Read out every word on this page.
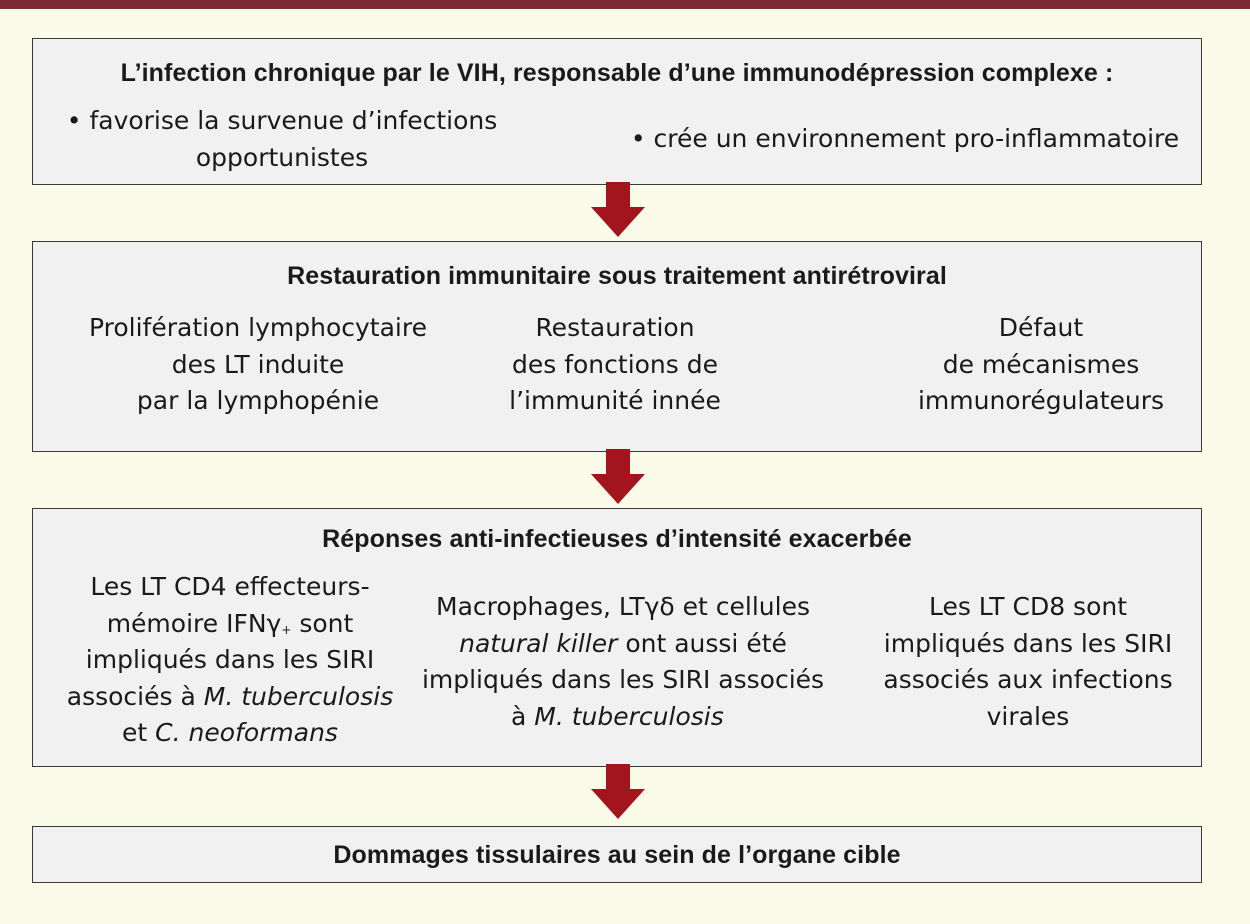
L’infection chronique par le VIH, responsable d’une immunodépression complexe :
• favorise la survenue d’infections
opportunistes
• crée un environnement pro-inflammatoire
Restauration immunitaire sous traitement antirétroviral
Prolifération lymphocytaire
des LT induite
par la lymphopénie
Restauration
des fonctions de
l’immunité innée
Défaut
de mécanismes
immunorégulateurs
Réponses anti-infectieuses d’intensité exacerbée
Les LT CD4 effecteurs-
mémoire IFNγ+ sont
impliqués dans les SIRI
associés à M. tuberculosis
et C. neoformans
Macrophages, LTγδ et cellules
natural killer ont aussi été
impliqués dans les SIRI associés
à M. tuberculosis
Les LT CD8 sont
impliqués dans les SIRI
associés aux infections
virales
Dommages tissulaires au sein de l’organe cible
